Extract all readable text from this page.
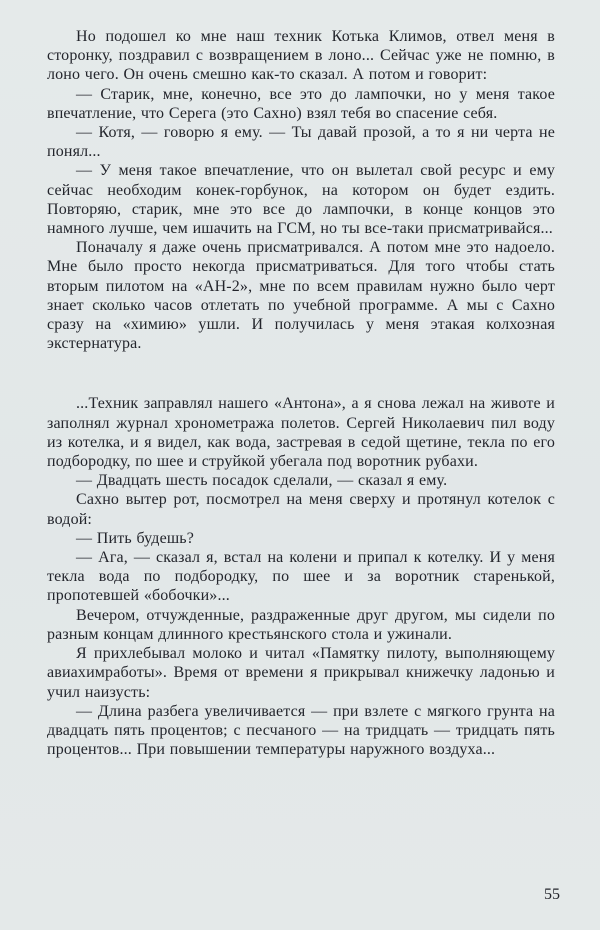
Но подошел ко мне наш техник Котька Климов, отвел меня в сторонку, поздравил с возвращением в лоно... Сейчас уже не помню, в лоно чего. Он очень смешно как-то сказал. А потом и говорит:

— Старик, мне, конечно, все это до лампочки, но у меня такое впечатление, что Серега (это Сахно) взял тебя во спасение себя.

— Котя, — говорю я ему. — Ты давай прозой, а то я ни черта не понял...

— У меня такое впечатление, что он вылетал свой ресурс и ему сейчас необходим конек-горбунок, на котором он будет ездить. Повторяю, старик, мне это все до лампочки, в конце концов это намного лучше, чем ишачить на ГСМ, но ты все-таки присматривайся...

Поначалу я даже очень присматривался. А потом мне это надоело. Мне было просто некогда присматриваться. Для того чтобы стать вторым пилотом на «АН-2», мне по всем правилам нужно было черт знает сколько часов отлетать по учебной программе. А мы с Сахно сразу на «химию» ушли. И получилась у меня этакая колхозная экстернатура.

...Техник заправлял нашего «Антона», а я снова лежал на животе и заполнял журнал хронометража полетов. Сергей Николаевич пил воду из котелка, и я видел, как вода, застревая в седой щетине, текла по его подбородку, по шее и струйкой убегала под воротник рубахи.

— Двадцать шесть посадок сделали, — сказал я ему.

Сахно вытер рот, посмотрел на меня сверху и протянул котелок с водой:

— Пить будешь?

— Ага, — сказал я, встал на колени и припал к котелку. И у меня текла вода по подбородку, по шее и за воротник старенькой, пропотевшей «бобочки»...

Вечером, отчужденные, раздраженные друг другом, мы сидели по разным концам длинного крестьянского стола и ужинали.

Я прихлебывал молоко и читал «Памятку пилоту, выполняющему авиахимработы». Время от времени я прикрывал книжечку ладонью и учил наизусть:

— Длина разбега увеличивается — при взлете с мягкого грунта на двадцать пять процентов; с песчаного — на тридцать — тридцать пять процентов... При повышении температуры наружного воздуха...

55
